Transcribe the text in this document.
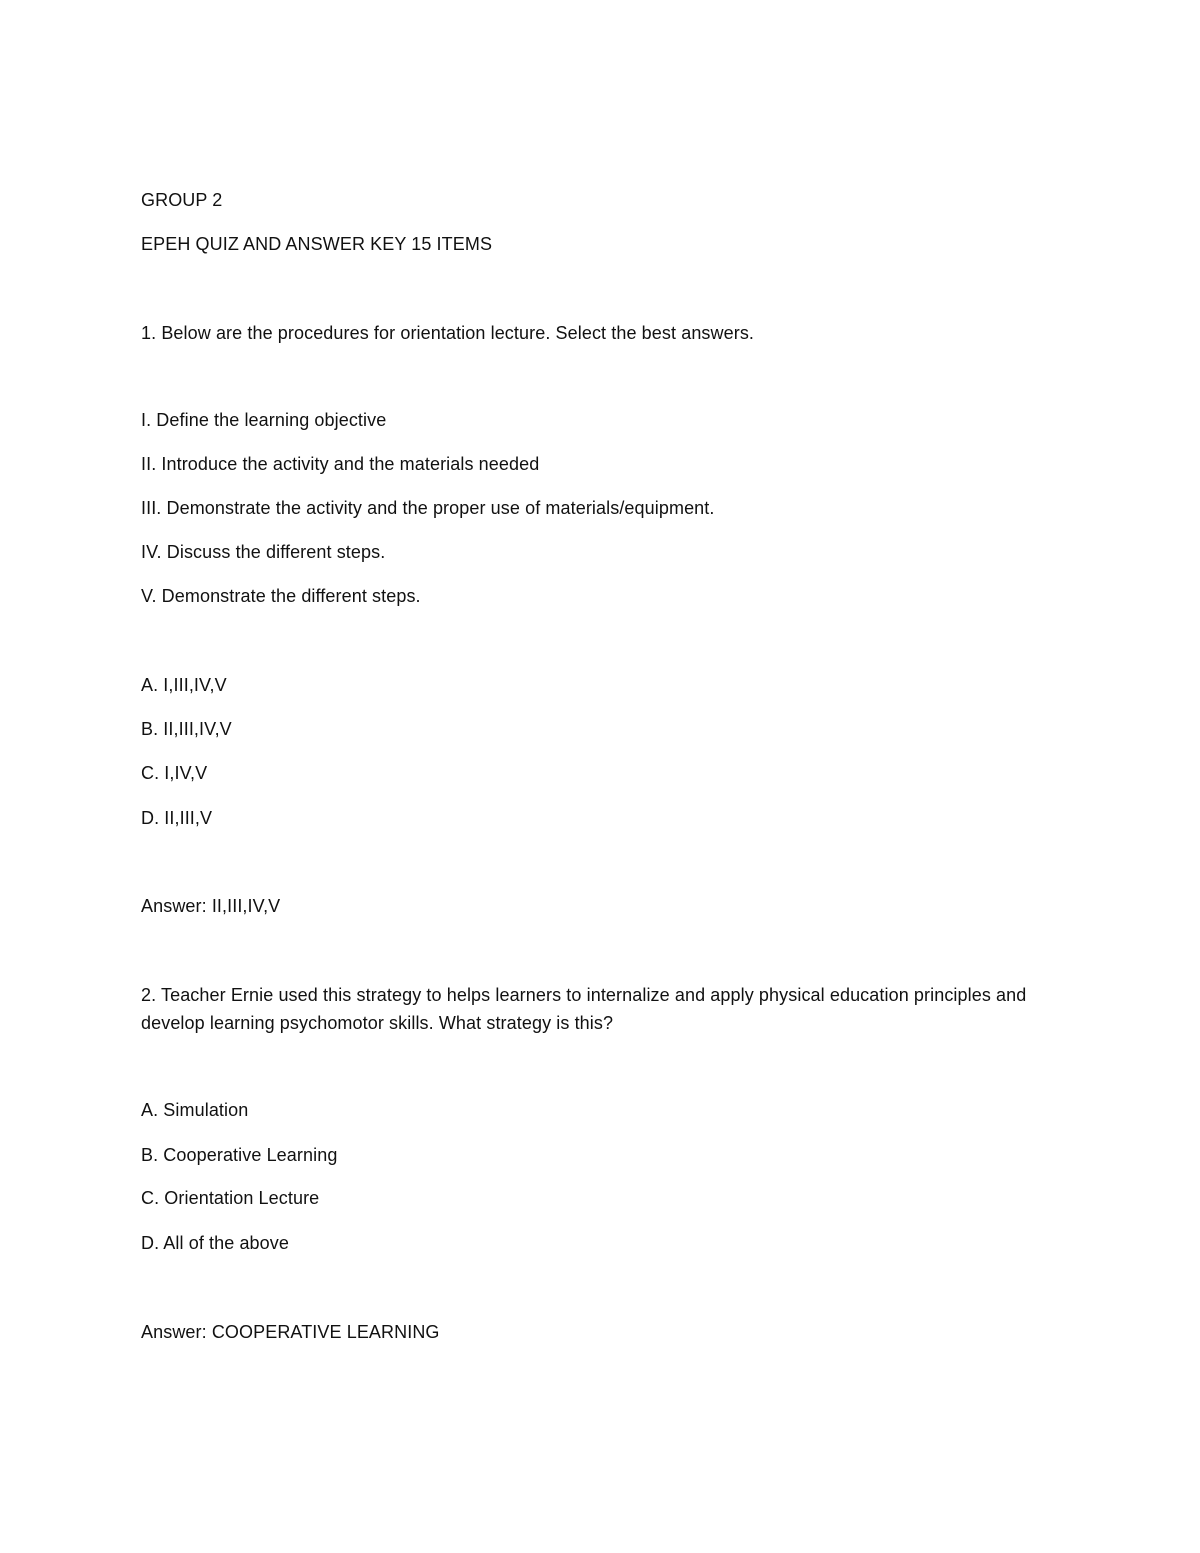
GROUP 2
EPEH QUIZ AND ANSWER KEY 15 ITEMS
1. Below are the procedures for orientation lecture. Select the best answers.
I. Define the learning objective
II. Introduce the activity and the materials needed
III. Demonstrate the activity and the proper use of materials/equipment.
IV. Discuss the different steps.
V. Demonstrate the different steps.
A. I,III,IV,V
B. II,III,IV,V
C. I,IV,V
D. II,III,V
Answer: II,III,IV,V
2. Teacher Ernie used this strategy to helps learners to internalize and apply physical education principles and develop learning psychomotor skills. What strategy is this?
A. Simulation
B. Cooperative Learning
C. Orientation Lecture
D. All of the above
Answer: COOPERATIVE LEARNING
